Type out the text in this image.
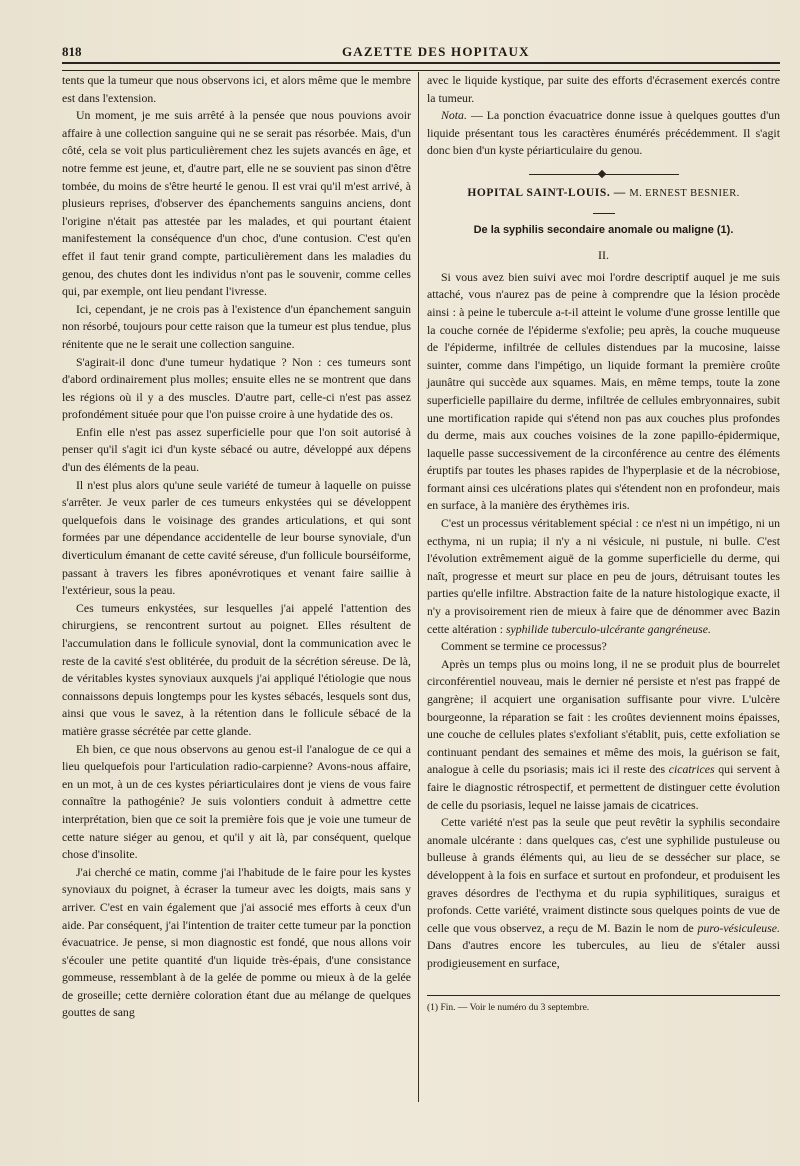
818	GAZETTE DES HOPITAUX

tents que la tumeur que nous observons ici, et alors même que le membre est dans l'extension.

Un moment, je me suis arrêté à la pensée que nous pouvions avoir affaire à une collection sanguine qui ne se serait pas résorbée. Mais, d'un côté, cela se voit plus particulièrement chez les sujets avancés en âge, et notre femme est jeune, et, d'autre part, elle ne se souvient pas sinon d'être tombée, du moins de s'être heurté le genou. Il est vrai qu'il m'est arrivé, à plusieurs reprises, d'observer des épanchements sanguins anciens, dont l'origine n'était pas attestée par les malades, et qui pourtant étaient manifestement la conséquence d'un choc, d'une contusion. C'est qu'en effet il faut tenir grand compte, particulièrement dans les maladies du genou, des chutes dont les individus n'ont pas le souvenir, comme celles qui, par exemple, ont lieu pendant l'ivresse.

Ici, cependant, je ne crois pas à l'existence d'un épanchement sanguin non résorbé, toujours pour cette raison que la tumeur est plus tendue, plus rénitente que ne le serait une collection sanguine.

S'agirait-il donc d'une tumeur hydatique ? Non : ces tumeurs sont d'abord ordinairement plus molles; ensuite elles ne se montrent que dans les régions où il y a des muscles. D'autre part, celle-ci n'est pas assez profondément située pour que l'on puisse croire à une hydatide des os.

Enfin elle n'est pas assez superficielle pour que l'on soit autorisé à penser qu'il s'agit ici d'un kyste sébacé ou autre, développé aux dépens d'un des éléments de la peau.

Il n'est plus alors qu'une seule variété de tumeur à laquelle on puisse s'arrêter. Je veux parler de ces tumeurs enkystées qui se développent quelquefois dans le voisinage des grandes articulations, et qui sont formées par une dépendance accidentelle de leur bourse synoviale, d'un diverticulum émanant de cette cavité séreuse, d'un follicule bourséiforme, passant à travers les fibres aponévrotiques et venant faire saillie à l'extérieur, sous la peau.

Ces tumeurs enkystées, sur lesquelles j'ai appelé l'attention des chirurgiens, se rencontrent surtout au poignet. Elles résultent de l'accumulation dans le follicule synovial, dont la communication avec le reste de la cavité s'est oblitérée, du produit de la sécrétion séreuse. De là, de véritables kystes synoviaux auxquels j'ai appliqué l'étiologie que nous connaissons depuis longtemps pour les kystes sébacés, lesquels sont dus, ainsi que vous le savez, à la rétention dans le follicule sébacé de la matière grasse sécrétée par cette glande.

Eh bien, ce que nous observons au genou est-il l'analogue de ce qui a lieu quelquefois pour l'articulation radio-carpienne? Avons-nous affaire, en un mot, à un de ces kystes périarticulaires dont je viens de vous faire connaître la pathogénie? Je suis volontiers conduit à admettre cette interprétation, bien que ce soit la première fois que je voie une tumeur de cette nature siéger au genou, et qu'il y ait là, par conséquent, quelque chose d'insolite.

J'ai cherché ce matin, comme j'ai l'habitude de le faire pour les kystes synoviaux du poignet, à écraser la tumeur avec les doigts, mais sans y arriver. C'est en vain également que j'ai associé mes efforts à ceux d'un aide. Par conséquent, j'ai l'intention de traiter cette tumeur par la ponction évacuatrice. Je pense, si mon diagnostic est fondé, que nous allons voir s'écouler une petite quantité d'un liquide très-épais, d'une consistance gommeuse, ressemblant à de la gelée de pomme ou mieux à de la gelée de groseille; cette dernière coloration étant due au mélange de quelques gouttes de sang

avec le liquide kystique, par suite des efforts d'écrasement exercés contre la tumeur.

Nota. — La ponction évacuatrice donne issue à quelques gouttes d'un liquide présentant tous les caractères énumérés précédemment. Il s'agit donc bien d'un kyste périarticulaire du genou.

HOPITAL SAINT-LOUIS. — M. ERNEST BESNIER.
De la syphilis secondaire anomale ou maligne (1).
II.

Si vous avez bien suivi avec moi l'ordre descriptif auquel je me suis attaché, vous n'aurez pas de peine à comprendre que la lésion procède ainsi : à peine le tubercule a-t-il atteint le volume d'une grosse lentille que la couche cornée de l'épiderme s'exfolie; peu après, la couche muqueuse de l'épiderme, infiltrée de cellules distendues par la mucosine, laisse suinter, comme dans l'impétigo, un liquide formant la première croûte jaunâtre qui succède aux squames. Mais, en même temps, toute la zone superficielle papillaire du derme, infiltrée de cellules embryonnaires, subit une mortification rapide qui s'étend non pas aux couches plus profondes du derme, mais aux couches voisines de la zone papillo-épidermique, laquelle passe successivement de la circonférence au centre des éléments éruptifs par toutes les phases rapides de l'hyperplasie et de la nécrobiose, formant ainsi ces ulcérations plates qui s'étendent non en profondeur, mais en surface, à la manière des érythèmes iris.

C'est un processus véritablement spécial : ce n'est ni un impétigo, ni un ecthyma, ni un rupia; il n'y a ni vésicule, ni pustule, ni bulle. C'est l'évolution extrêmement aiguë de la gomme superficielle du derme, qui naît, progresse et meurt sur place en peu de jours, détruisant toutes les parties qu'elle infiltre. Abstraction faite de la nature histologique exacte, il n'y a provisoirement rien de mieux à faire que de dénommer avec Bazin cette altération : syphilide tuberculo-ulcérante gangréneuse.

Comment se termine ce processus?

Après un temps plus ou moins long, il ne se produit plus de bourrelet circonférentiel nouveau, mais le dernier né persiste et n'est pas frappé de gangrène; il acquiert une organisation suffisante pour vivre. L'ulcère bourgeonne, la réparation se fait : les croûtes deviennent moins épaisses, une couche de cellules plates s'exfoliant s'établit, puis, cette exfoliation se continuant pendant des semaines et même des mois, la guérison se fait, analogue à celle du psoriasis; mais ici il reste des cicatrices qui servent à faire le diagnostic rétrospectif, et permettent de distinguer cette évolution de celle du psoriasis, lequel ne laisse jamais de cicatrices.

Cette variété n'est pas la seule que peut revêtir la syphilis secondaire anomale ulcérante : dans quelques cas, c'est une syphilide pustuleuse ou bulleuse à grands éléments qui, au lieu de se dessécher sur place, se développent à la fois en surface et surtout en profondeur, et produisent les graves désordres de l'ecthyma et du rupia syphilitiques, suraigus et profonds. Cette variété, vraiment distincte sous quelques points de vue de celle que vous observez, a reçu de M. Bazin le nom de puro-vésiculeuse. Dans d'autres encore les tubercules, au lieu de s'étaler aussi prodigieusement en surface,

(1) Fin. — Voir le numéro du 3 septembre.
